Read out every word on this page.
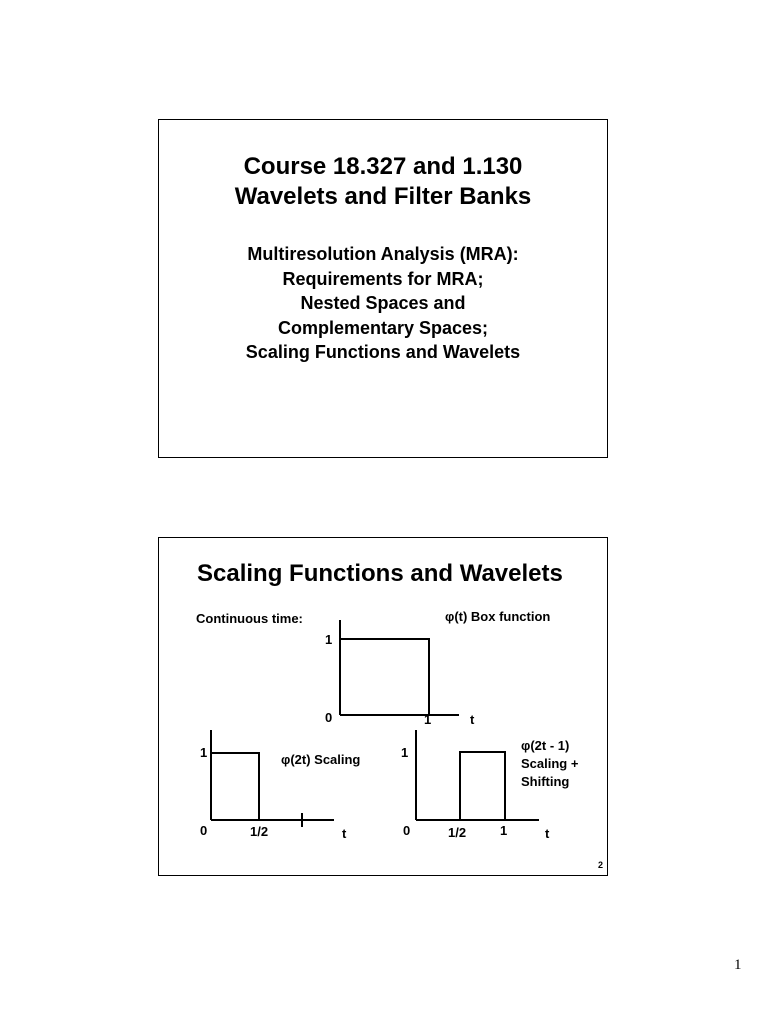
Course 18.327 and 1.130
Wavelets and Filter Banks
Multiresolution Analysis (MRA):
Requirements for MRA;
Nested Spaces and
Complementary Spaces;
Scaling Functions and Wavelets
Scaling Functions and Wavelets
Continuous time:	φ(t) Box function
1
0	1	t
1
0	1/2	t
φ(2t) Scaling	1
0	1/2	1	t
φ(2t - 1)
Scaling +
Shifting
2
1
